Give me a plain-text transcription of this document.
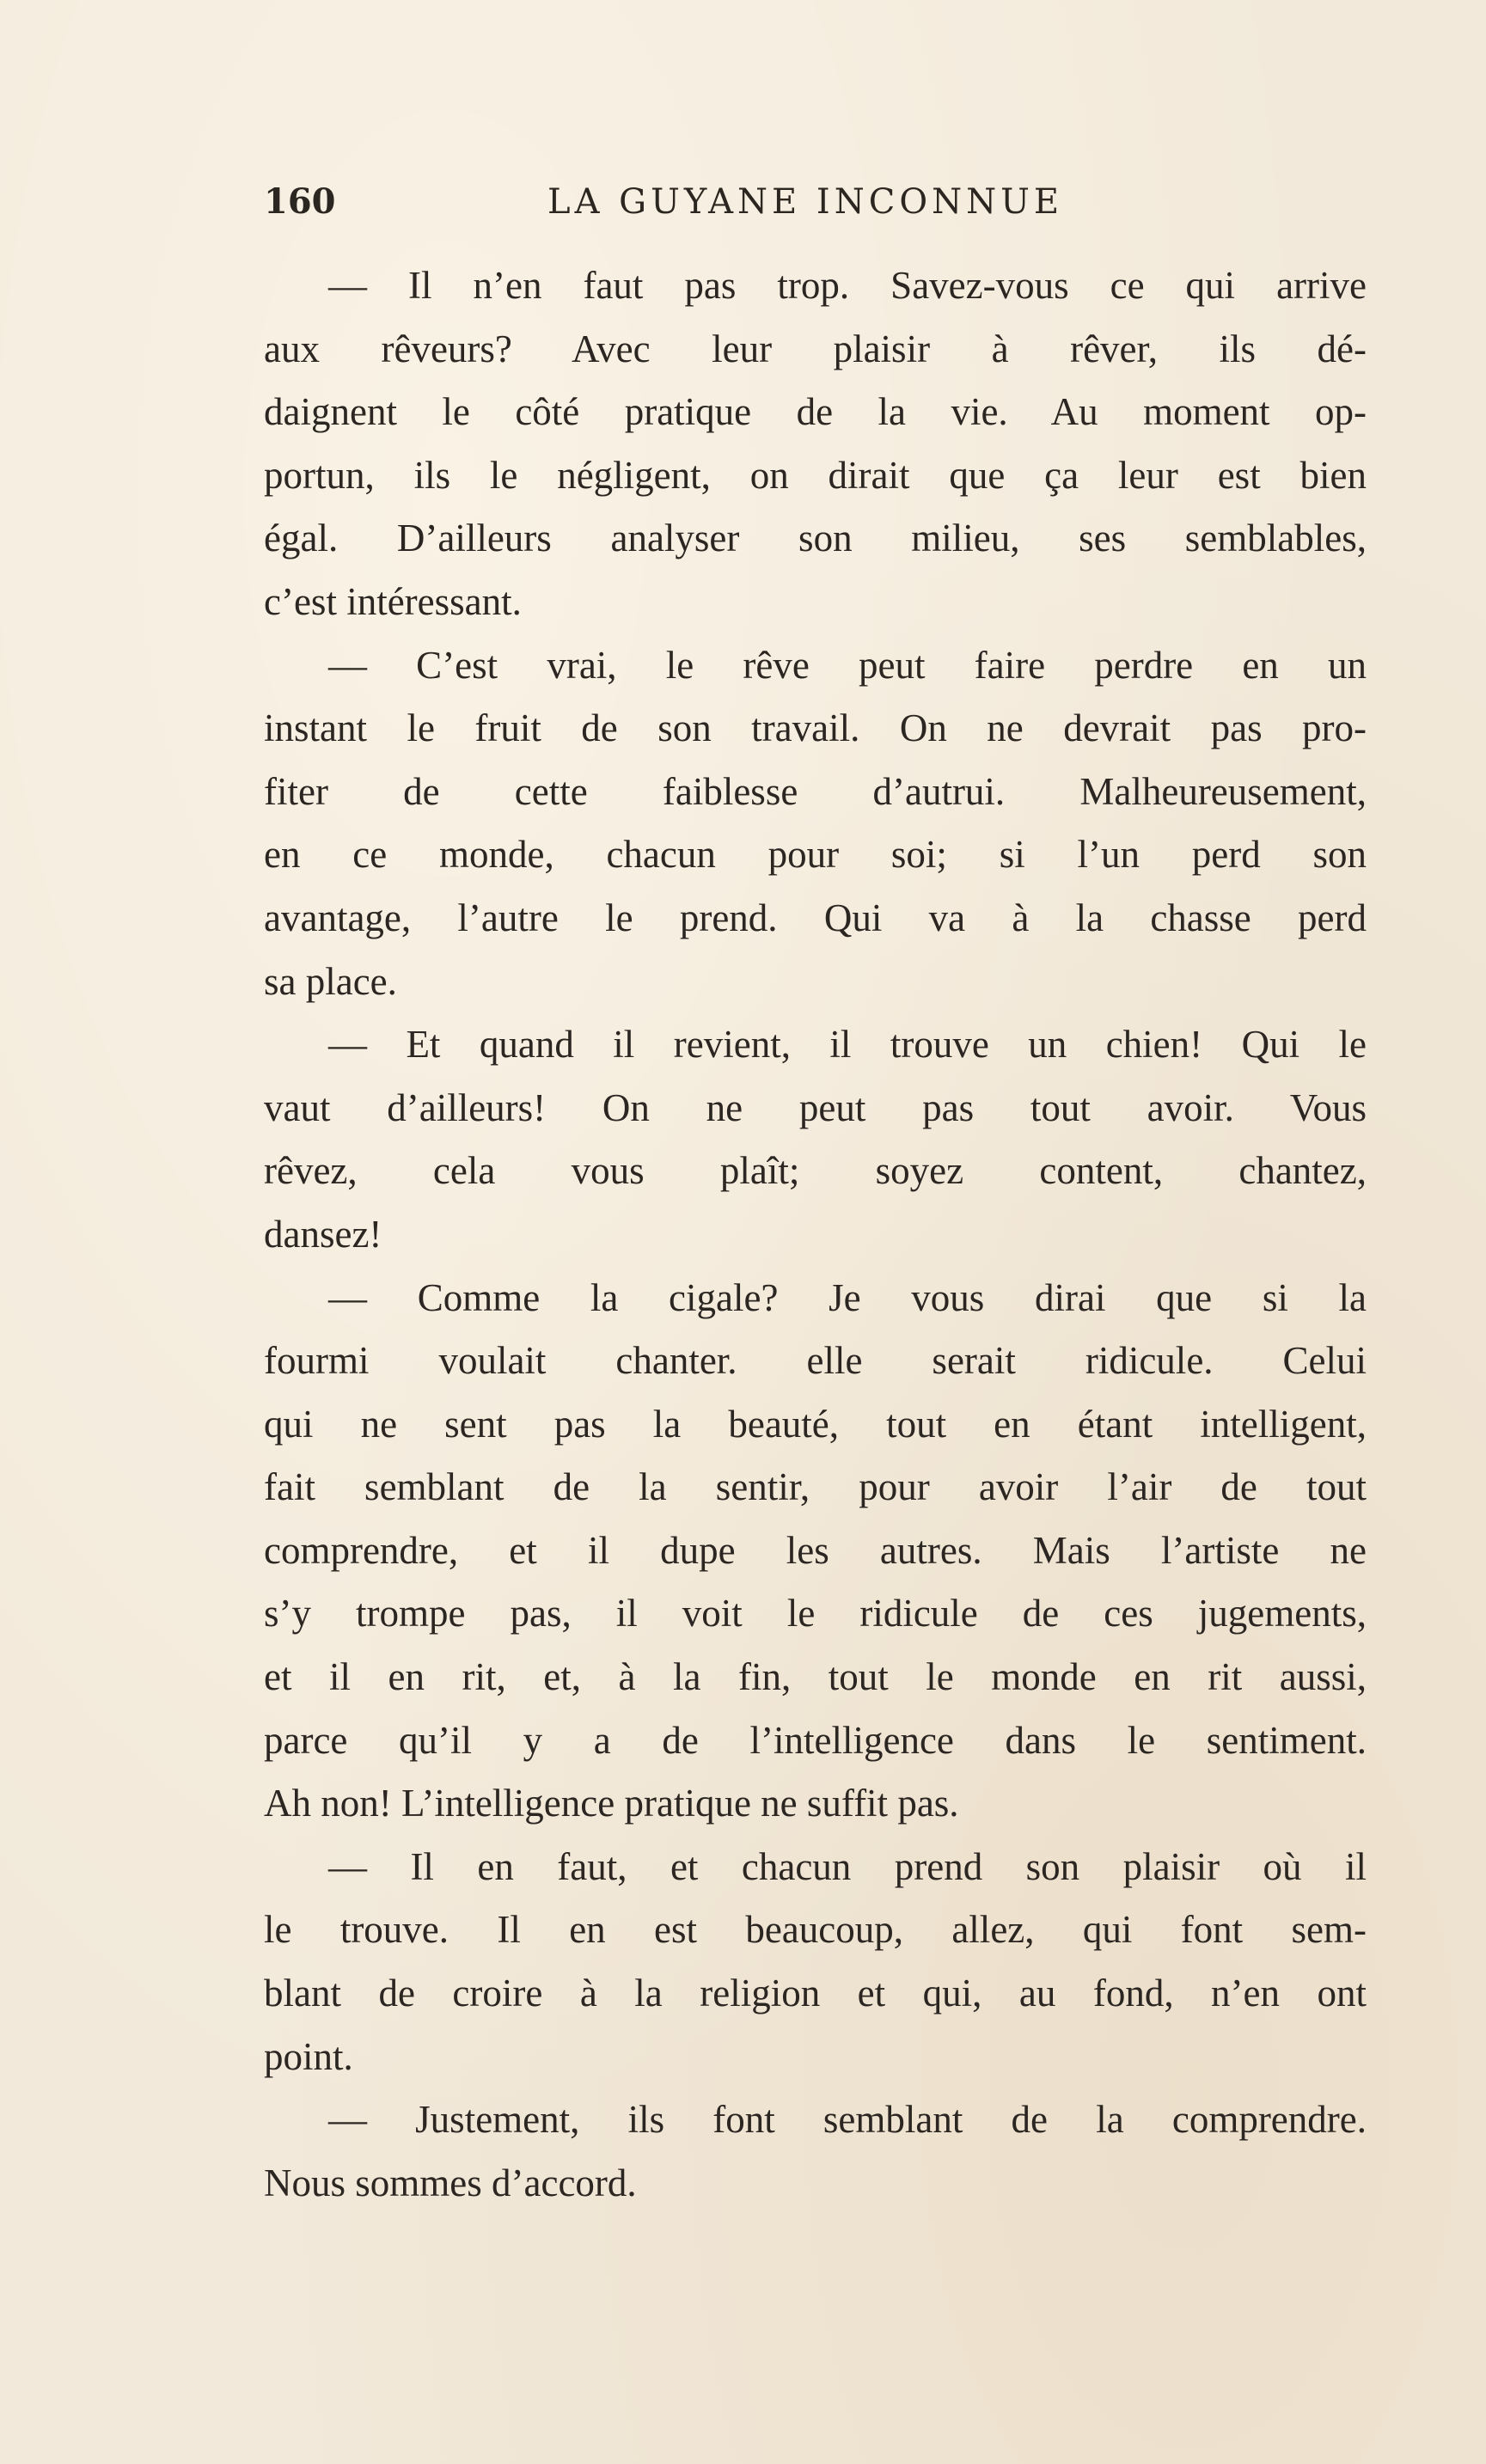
160	LA GUYANE INCONNUE
— Il n’en faut pas trop. Savez-vous ce qui arrive
aux rêveurs? Avec leur plaisir à rêver, ils dé-
daignent le côté pratique de la vie. Au moment op-
portun, ils le négligent, on dirait que ça leur est bien
égal. D’ailleurs analyser son milieu, ses semblables,
c’est intéressant.
— C’est vrai, le rêve peut faire perdre en un
instant le fruit de son travail. On ne devrait pas pro-
fiter de cette faiblesse d’autrui. Malheureusement,
en ce monde, chacun pour soi; si l’un perd son
avantage, l’autre le prend. Qui va à la chasse perd
sa place.
— Et quand il revient, il trouve un chien! Qui le
vaut d’ailleurs! On ne peut pas tout avoir. Vous
rêvez, cela vous plaît; soyez content, chantez,
dansez!
— Comme la cigale? Je vous dirai que si la
fourmi voulait chanter. elle serait ridicule. Celui
qui ne sent pas la beauté, tout en étant intelligent,
fait semblant de la sentir, pour avoir l’air de tout
comprendre, et il dupe les autres. Mais l’artiste ne
s’y trompe pas, il voit le ridicule de ces jugements,
et il en rit, et, à la fin, tout le monde en rit aussi,
parce qu’il y a de l’intelligence dans le sentiment.
Ah non! L’intelligence pratique ne suffit pas.
— Il en faut, et chacun prend son plaisir où il
le trouve. Il en est beaucoup, allez, qui font sem-
blant de croire à la religion et qui, au fond, n’en ont
point.
— Justement, ils font semblant de la comprendre.
Nous sommes d’accord.
